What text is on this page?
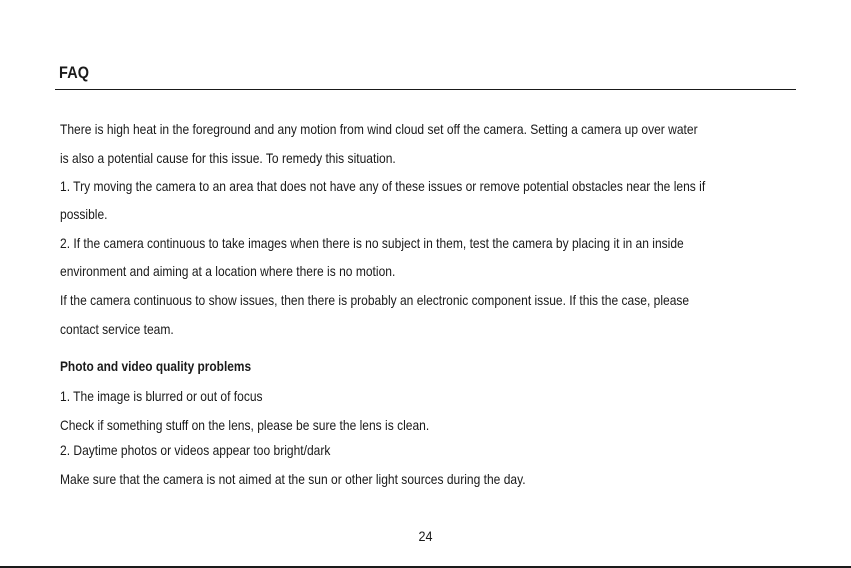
FAQ
There is high heat in the foreground and any motion from wind cloud set off the camera. Setting a camera up over water
is also a potential cause for this issue. To remedy this situation.
1. Try moving the camera to an area that does not have any of these issues or remove potential obstacles near the lens if
possible.
2. If the camera continuous to take images when there is no subject in them, test the camera by placing it in an inside
environment and aiming at a location where there is no motion.
If the camera continuous to show issues, then there is probably an electronic component issue. If this the case, please
contact service team.
Photo and video quality problems
1. The image is blurred or out of focus
Check if something stuff on the lens, please be sure the lens is clean.
2. Daytime photos or videos appear too bright/dark
Make sure that the camera is not aimed at the sun or other light sources during the day.
24
